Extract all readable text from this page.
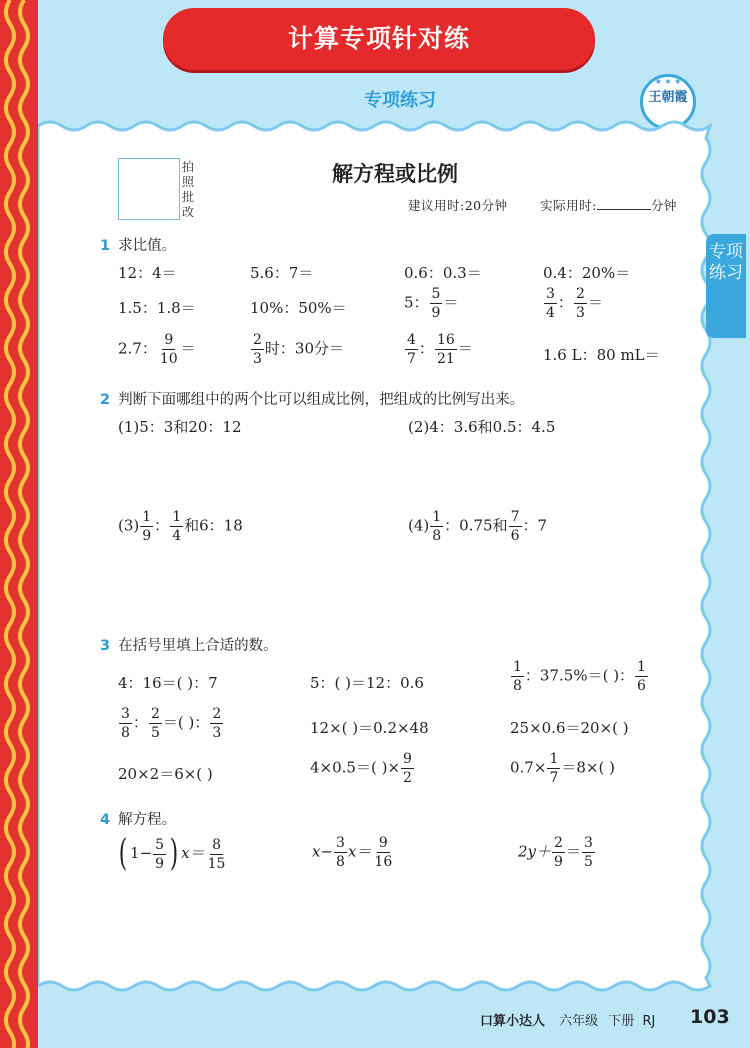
计算专项针对练
专项练习
★ ★ ★
王朝霞
专项
练习
拍
照
批
改
解方程或比例
建议用时:20分钟	实际用时:	分钟
1 求比值。
12：4＝	5.6：7＝	0.6：0.3＝	0.4：20%＝
1.5：1.8＝	10%：50%＝	5： $\frac{5}{9}$ ＝	$\frac{3}{4}$ ： $\frac{2}{3}$ ＝
2.7： $\frac{9}{10}$ ＝	$\frac{2}{3}$ 时：30分＝	$\frac{4}{7}$ ： $\frac{16}{21}$ ＝	1.6 L：80 mL＝
2 判断下面哪组中的两个比可以组成比例，把组成的比例写出来。
(1)5：3和20：12	(2)4：3.6和0.5：4.5
$(3) \frac{1}{9}$ ： $\frac{1}{4}$ 和6：18	$(4) \frac{1}{8}$ ：0.75和 $\frac{7}{6}$ ：7
3 在括号里填上合适的数。
4：16＝( )：7	5：( )＝12：0.6	$\frac{1}{8}$ ：37.5%＝( )： $\frac{1}{6}$
$\frac{3}{8}$ ： $\frac{2}{5}$ ＝( )： $\frac{2}{3}$	12×( )＝0.2×48	25×0.6＝20×( )
20×2＝6×( )	4×0.5＝( )× $\frac{9}{2}$	$0.7\times \frac{1}{7} =8\times$( )
4 解方程。
( $1- \frac{5}{9}$ ) $x= \frac{8}{15}$	$x- \frac{3}{8} x= \frac{9}{16}$	$2y+ \frac{2}{9} = \frac{3}{5}$
口算小达人 六年级 下册 RJ 103
